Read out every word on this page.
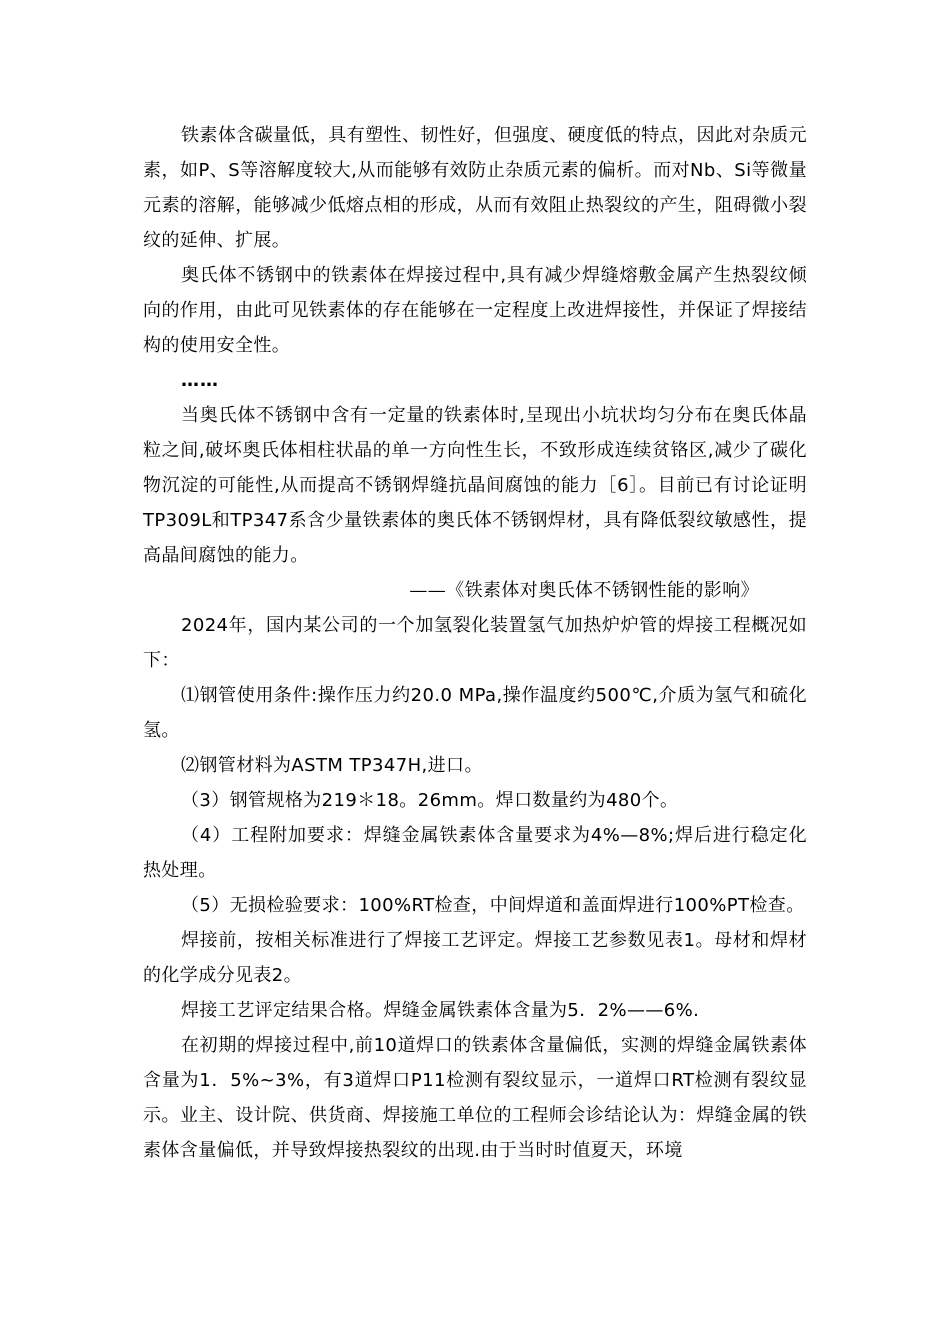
铁素体含碳量低，具有塑性、韧性好，但强度、硬度低的特点，因此对杂质元素，如P、S等溶解度较大,从而能够有效防止杂质元素的偏析。而对Nb、Si等微量元素的溶解，能够减少低熔点相的形成，从而有效阻止热裂纹的产生，阻碍微小裂纹的延伸、扩展。

奥氏体不锈钢中的铁素体在焊接过程中,具有减少焊缝熔敷金属产生热裂纹倾向的作用，由此可见铁素体的存在能够在一定程度上改进焊接性，并保证了焊接结构的使用安全性。

……

当奥氏体不锈钢中含有一定量的铁素体时,呈现出小坑状均匀分布在奥氏体晶粒之间,破坏奥氏体相柱状晶的单一方向性生长，不致形成连续贫铬区,减少了碳化物沉淀的可能性,从而提高不锈钢焊缝抗晶间腐蚀的能力［6］。目前已有讨论证明TP309L和TP347系含少量铁素体的奥氏体不锈钢焊材，具有降低裂纹敏感性，提高晶间腐蚀的能力。

——《铁素体对奥氏体不锈钢性能的影响》

2024年，国内某公司的一个加氢裂化装置氢气加热炉炉管的焊接工程概况如下：

⑴钢管使用条件:操作压力约20.0 MPa,操作温度约500℃,介质为氢气和硫化氢。

⑵钢管材料为ASTM TP347H,进口。

（3）钢管规格为219＊18。26mm。焊口数量约为480个。

（4）工程附加要求：焊缝金属铁素体含量要求为4%—8%;焊后进行稳定化热处理。

（5）无损检验要求：100%RT检查，中间焊道和盖面焊进行100%PT检查。

焊接前，按相关标准进行了焊接工艺评定。焊接工艺参数见表1。母材和焊材的化学成分见表2。

焊接工艺评定结果合格。焊缝金属铁素体含量为5．2%——6%.

在初期的焊接过程中,前10道焊口的铁素体含量偏低，实测的焊缝金属铁素体含量为1．5%~3%，有3道焊口P11检测有裂纹显示，一道焊口RT检测有裂纹显示。业主、设计院、供货商、焊接施工单位的工程师会诊结论认为：焊缝金属的铁素体含量偏低，并导致焊接热裂纹的出现.由于当时时值夏天，环境
